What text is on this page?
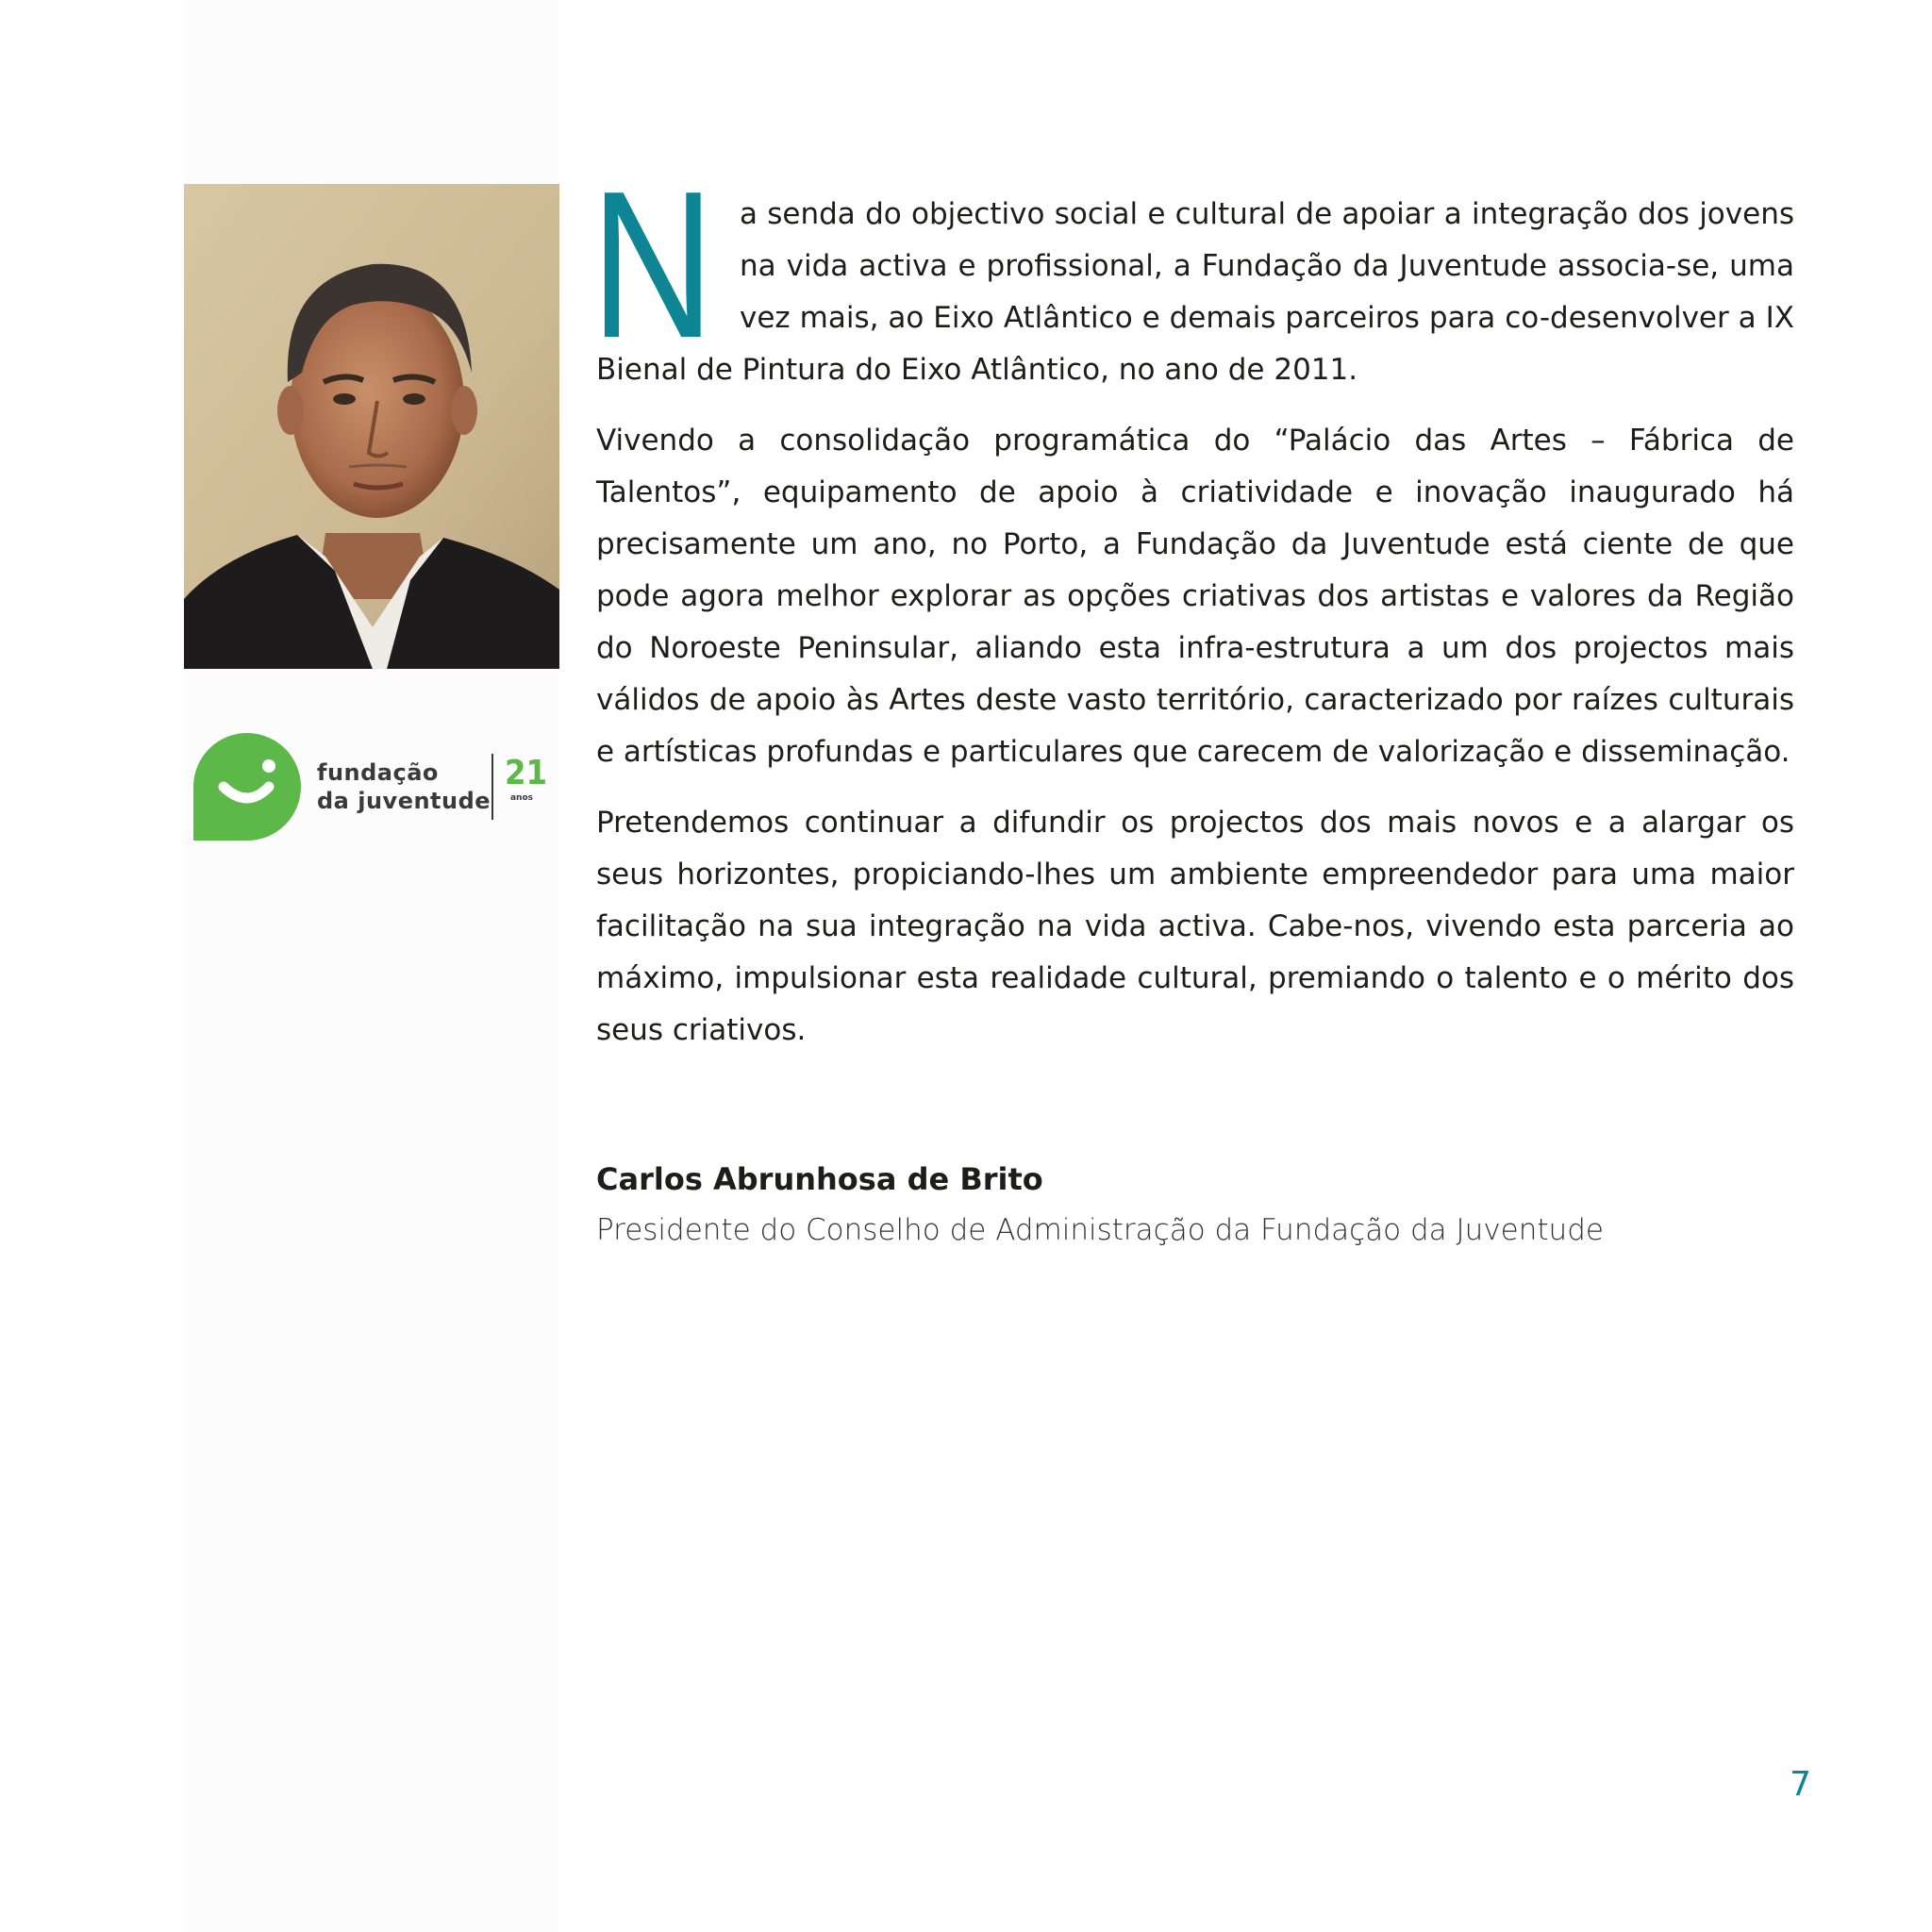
fundação
da juventude
21
anos

Na senda do objectivo social e cultural de apoiar a integração dos jovens na vida activa e profissional, a Fundação da Juventude associa-se, uma vez mais, ao Eixo Atlântico e demais parceiros para co-desenvolver a IX Bienal de Pintura do Eixo Atlântico, no ano de 2011.

Vivendo a consolidação programática do “Palácio das Artes – Fábrica de Talentos”, equipamento de apoio à criatividade e inovação inaugurado há precisamente um ano, no Porto, a Fundação da Juventude está ciente de que pode agora melhor explorar as opções criativas dos artistas e valores da Região do Noroeste Peninsular, aliando esta infra-estrutura a um dos projectos mais válidos de apoio às Artes deste vasto território, caracterizado por raízes culturais e artísticas profundas e particulares que carecem de valorização e disseminação.

Pretendemos continuar a difundir os projectos dos mais novos e a alargar os seus horizontes, propiciando-lhes um ambiente empreendedor para uma maior facilitação na sua integração na vida activa. Cabe-nos, vivendo esta parceria ao máximo, impulsionar esta realidade cultural, premiando o talento e o mérito dos seus criativos.

Carlos Abrunhosa de Brito
Presidente do Conselho de Administração da Fundação da Juventude
7
